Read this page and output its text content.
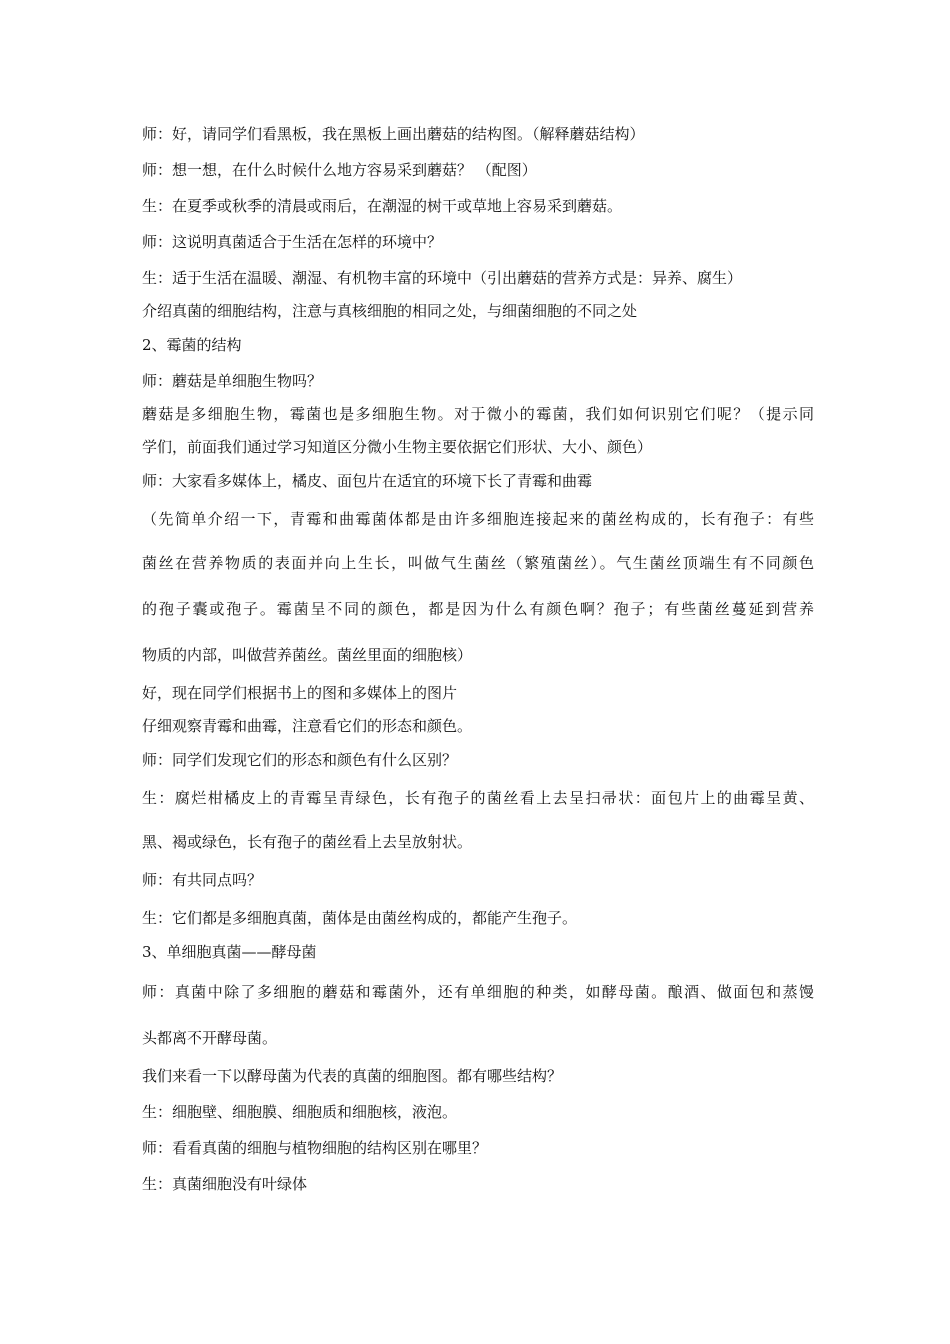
师：好，请同学们看黑板，我在黑板上画出蘑菇的结构图。（解释蘑菇结构）
师：想一想，在什么时候什么地方容易采到蘑菇？ （配图）
生：在夏季或秋季的清晨或雨后，在潮湿的树干或草地上容易采到蘑菇。
师：这说明真菌适合于生活在怎样的环境中？
生：适于生活在温暖、潮湿、有机物丰富的环境中（引出蘑菇的营养方式是：异养、腐生）
介绍真菌的细胞结构，注意与真核细胞的相同之处，与细菌细胞的不同之处
2、霉菌的结构
师：蘑菇是单细胞生物吗？
蘑菇是多细胞生物，霉菌也是多细胞生物。对于微小的霉菌，我们如何识别它们呢？（提示同
学们，前面我们通过学习知道区分微小生物主要依据它们形状、大小、颜色）
师：大家看多媒体上，橘皮、面包片在适宜的环境下长了青霉和曲霉
（先简单介绍一下，青霉和曲霉菌体都是由许多细胞连接起来的菌丝构成的，长有孢子：有些
菌丝在营养物质的表面并向上生长，叫做气生菌丝（繁殖菌丝）。气生菌丝顶端生有不同颜色
的孢子囊或孢子。霉菌呈不同的颜色，都是因为什么有颜色啊？孢子；有些菌丝蔓延到营养
物质的内部，叫做营养菌丝。菌丝里面的细胞核）
好，现在同学们根据书上的图和多媒体上的图片
仔细观察青霉和曲霉，注意看它们的形态和颜色。
师：同学们发现它们的形态和颜色有什么区别？
生：腐烂柑橘皮上的青霉呈青绿色，长有孢子的菌丝看上去呈扫帚状：面包片上的曲霉呈黄、
黑、褐或绿色，长有孢子的菌丝看上去呈放射状。
师：有共同点吗？
生：它们都是多细胞真菌，菌体是由菌丝构成的，都能产生孢子。
3、单细胞真菌——酵母菌
师：真菌中除了多细胞的蘑菇和霉菌外，还有单细胞的种类，如酵母菌。酿酒、做面包和蒸馒
头都离不开酵母菌。
我们来看一下以酵母菌为代表的真菌的细胞图。都有哪些结构？
生：细胞壁、细胞膜、细胞质和细胞核，液泡。
师：看看真菌的细胞与植物细胞的结构区别在哪里？
生：真菌细胞没有叶绿体
